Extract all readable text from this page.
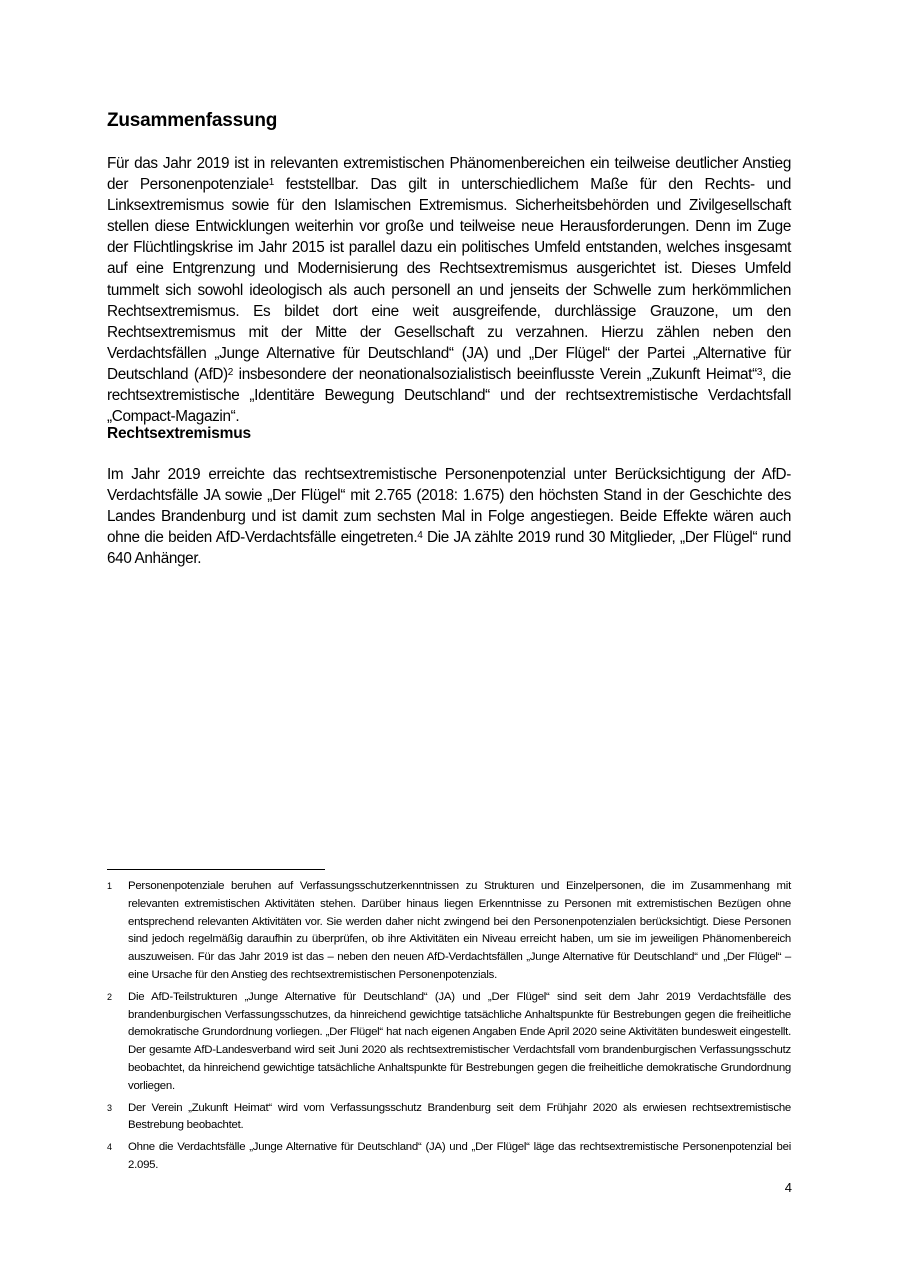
Zusammenfassung

Für das Jahr 2019 ist in relevanten extremistischen Phänomenbereichen ein teilweise deutlicher Anstieg der Personenpotenziale$^1$ feststellbar. Das gilt in unterschiedlichem Maße für den Rechts- und Linksextremismus sowie für den Islamischen Extremismus. Sicherheitsbehörden und Zivilgesellschaft stellen diese Entwicklungen weiterhin vor große und teilweise neue Herausforderungen. Denn im Zuge der Flüchtlingskrise im Jahr 2015 ist parallel dazu ein politisches Umfeld entstanden, welches insgesamt auf eine Entgrenzung und Modernisierung des Rechtsextremismus ausgerichtet ist. Dieses Umfeld tummelt sich sowohl ideologisch als auch personell an und jenseits der Schwelle zum herkömmlichen Rechtsextremismus. Es bildet dort eine weit ausgreifende, durchlässige Grauzone, um den Rechtsextremismus mit der Mitte der Gesellschaft zu verzahnen. Hierzu zählen neben den Verdachtsfällen „Junge Alternative für Deutschland“ (JA) und „Der Flügel“ der Partei „Alternative für Deutschland (AfD)$^2$ insbesondere der neonationalsozialistisch beeinflusste Verein „Zukunft Heimat“$^3$, die rechtsextremistische „Identitäre Bewegung Deutschland“ und der rechtsextremistische Verdachtsfall „Compact-Magazin“.

Rechtsextremismus

Im Jahr 2019 erreichte das rechtsextremistische Personenpotenzial unter Berücksichtigung der AfD-Verdachtsfälle JA sowie „Der Flügel“ mit 2.765 (2018: 1.675) den höchsten Stand in der Geschichte des Landes Brandenburg und ist damit zum sechsten Mal in Folge angestiegen. Beide Effekte wären auch ohne die beiden AfD-Verdachtsfälle eingetreten.$^4$ Die JA zählte 2019 rund 30 Mitglieder, „Der Flügel“ rund 640 Anhänger.

1	Personenpotenziale beruhen auf Verfassungsschutzerkenntnissen zu Strukturen und Einzelpersonen, die im Zusammenhang mit relevanten extremistischen Aktivitäten stehen. Darüber hinaus liegen Erkenntnisse zu Personen mit extremistischen Bezügen ohne entsprechend relevanten Aktivitäten vor. Sie werden daher nicht zwingend bei den Personenpotenzialen berücksichtigt. Diese Personen sind jedoch regelmäßig daraufhin zu überprüfen, ob ihre Aktivitäten ein Niveau erreicht haben, um sie im jeweiligen Phänomenbereich auszuweisen. Für das Jahr 2019 ist das – neben den neuen AfD-Verdachtsfällen „Junge Alternative für Deutschland“ und „Der Flügel“ – eine Ursache für den Anstieg des rechtsextremistischen Personenpotenzials.
2	Die AfD-Teilstrukturen „Junge Alternative für Deutschland“ (JA) und „Der Flügel“ sind seit dem Jahr 2019 Verdachtsfälle des brandenburgischen Verfassungsschutzes, da hinreichend gewichtige tatsächliche Anhaltspunkte für Bestrebungen gegen die freiheitliche demokratische Grundordnung vorliegen. „Der Flügel“ hat nach eigenen Angaben Ende April 2020 seine Aktivitäten bundesweit eingestellt. Der gesamte AfD-Landesverband wird seit Juni 2020 als rechtsextremistischer Verdachtsfall vom brandenburgischen Verfassungsschutz beobachtet, da hinreichend gewichtige tatsächliche Anhaltspunkte für Bestrebungen gegen die freiheitliche demokratische Grundordnung vorliegen.
3	Der Verein „Zukunft Heimat“ wird vom Verfassungsschutz Brandenburg seit dem Frühjahr 2020 als erwiesen rechtsextremistische Bestrebung beobachtet.
4	Ohne die Verdachtsfälle „Junge Alternative für Deutschland“ (JA) und „Der Flügel“ läge das rechtsextremistische Personenpotenzial bei 2.095.
4
